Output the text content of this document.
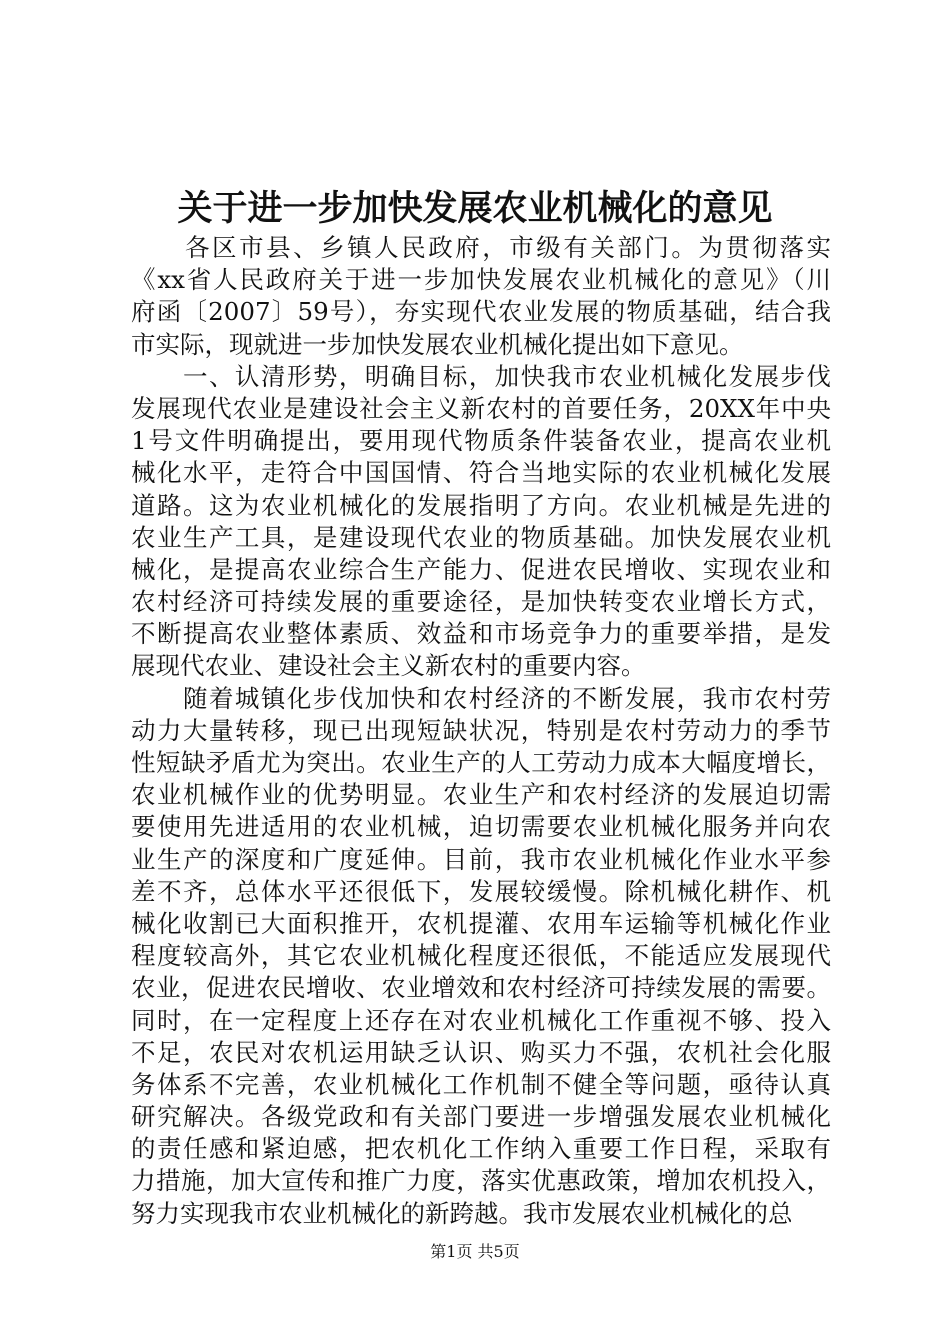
关于进一步加快发展农业机械化的意见
　　各区市县、乡镇人民政府，市级有关部门。为贯彻落实
《xx省人民政府关于进一步加快发展农业机械化的意见》（川
府函〔2007〕59号），夯实现代农业发展的物质基础，结合我
市实际，现就进一步加快发展农业机械化提出如下意见。
　　一、认清形势，明确目标，加快我市农业机械化发展步伐
发展现代农业是建设社会主义新农村的首要任务，20XX年中央
1号文件明确提出，要用现代物质条件装备农业，提高农业机
械化水平，走符合中国国情、符合当地实际的农业机械化发展
道路。这为农业机械化的发展指明了方向。农业机械是先进的
农业生产工具，是建设现代农业的物质基础。加快发展农业机
械化，是提高农业综合生产能力、促进农民增收、实现农业和
农村经济可持续发展的重要途径，是加快转变农业增长方式，
不断提高农业整体素质、效益和市场竞争力的重要举措，是发
展现代农业、建设社会主义新农村的重要内容。
　　随着城镇化步伐加快和农村经济的不断发展，我市农村劳
动力大量转移，现已出现短缺状况，特别是农村劳动力的季节
性短缺矛盾尤为突出。农业生产的人工劳动力成本大幅度增长，
农业机械作业的优势明显。农业生产和农村经济的发展迫切需
要使用先进适用的农业机械，迫切需要农业机械化服务并向农
业生产的深度和广度延伸。目前，我市农业机械化作业水平参
差不齐，总体水平还很低下，发展较缓慢。除机械化耕作、机
械化收割已大面积推开，农机提灌、农用车运输等机械化作业
程度较高外，其它农业机械化程度还很低，不能适应发展现代
农业，促进农民增收、农业增效和农村经济可持续发展的需要。
同时，在一定程度上还存在对农业机械化工作重视不够、投入
不足，农民对农机运用缺乏认识、购买力不强，农机社会化服
务体系不完善，农业机械化工作机制不健全等问题，亟待认真
研究解决。各级党政和有关部门要进一步增强发展农业机械化
的责任感和紧迫感，把农机化工作纳入重要工作日程，采取有
力措施，加大宣传和推广力度，落实优惠政策，增加农机投入，
努力实现我市农业机械化的新跨越。我市发展农业机械化的总
第1页 共5页
